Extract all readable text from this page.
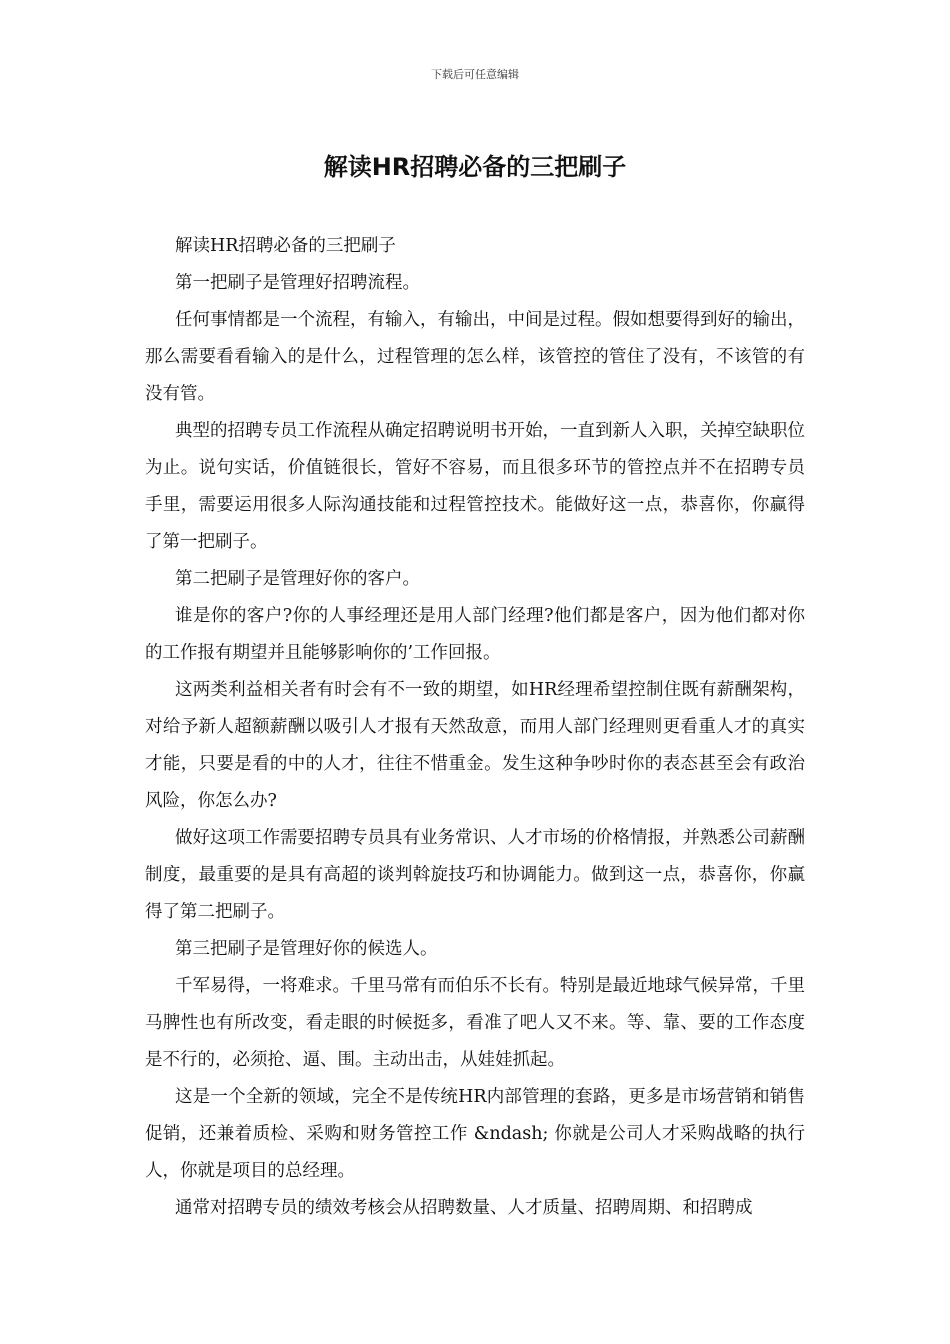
下载后可任意编辑
解读HR招聘必备的三把刷子

解读HR招聘必备的三把刷子

第一把刷子是管理好招聘流程。

任何事情都是一个流程，有输入，有输出，中间是过程。假如想要得到好的输出，那么需要看看输入的是什么，过程管理的怎么样，该管控的管住了没有，不该管的有没有管。

典型的招聘专员工作流程从确定招聘说明书开始，一直到新人入职，关掉空缺职位为止。说句实话，价值链很长，管好不容易，而且很多环节的管控点并不在招聘专员手里，需要运用很多人际沟通技能和过程管控技术。能做好这一点，恭喜你，你赢得了第一把刷子。

第二把刷子是管理好你的客户。

谁是你的客户?你的人事经理还是用人部门经理?他们都是客户，因为他们都对你的工作报有期望并且能够影响你的’工作回报。

这两类利益相关者有时会有不一致的期望，如HR经理希望控制住既有薪酬架构，对给予新人超额薪酬以吸引人才报有天然敌意，而用人部门经理则更看重人才的真实才能，只要是看的中的人才，往往不惜重金。发生这种争吵时你的表态甚至会有政治风险，你怎么办?

做好这项工作需要招聘专员具有业务常识、人才市场的价格情报，并熟悉公司薪酬制度，最重要的是具有高超的谈判斡旋技巧和协调能力。做到这一点，恭喜你，你赢得了第二把刷子。

第三把刷子是管理好你的候选人。

千军易得，一将难求。千里马常有而伯乐不长有。特别是最近地球气候异常，千里马脾性也有所改变，看走眼的时候挺多，看准了吧人又不来。等、靠、要的工作态度是不行的，必须抢、逼、围。主动出击，从娃娃抓起。

这是一个全新的领域，完全不是传统HR内部管理的套路，更多是市场营销和销售促销，还兼着质检、采购和财务管控工作 &ndash; 你就是公司人才采购战略的执行人，你就是项目的总经理。

通常对招聘专员的绩效考核会从招聘数量、人才质量、招聘周期、和招聘成
